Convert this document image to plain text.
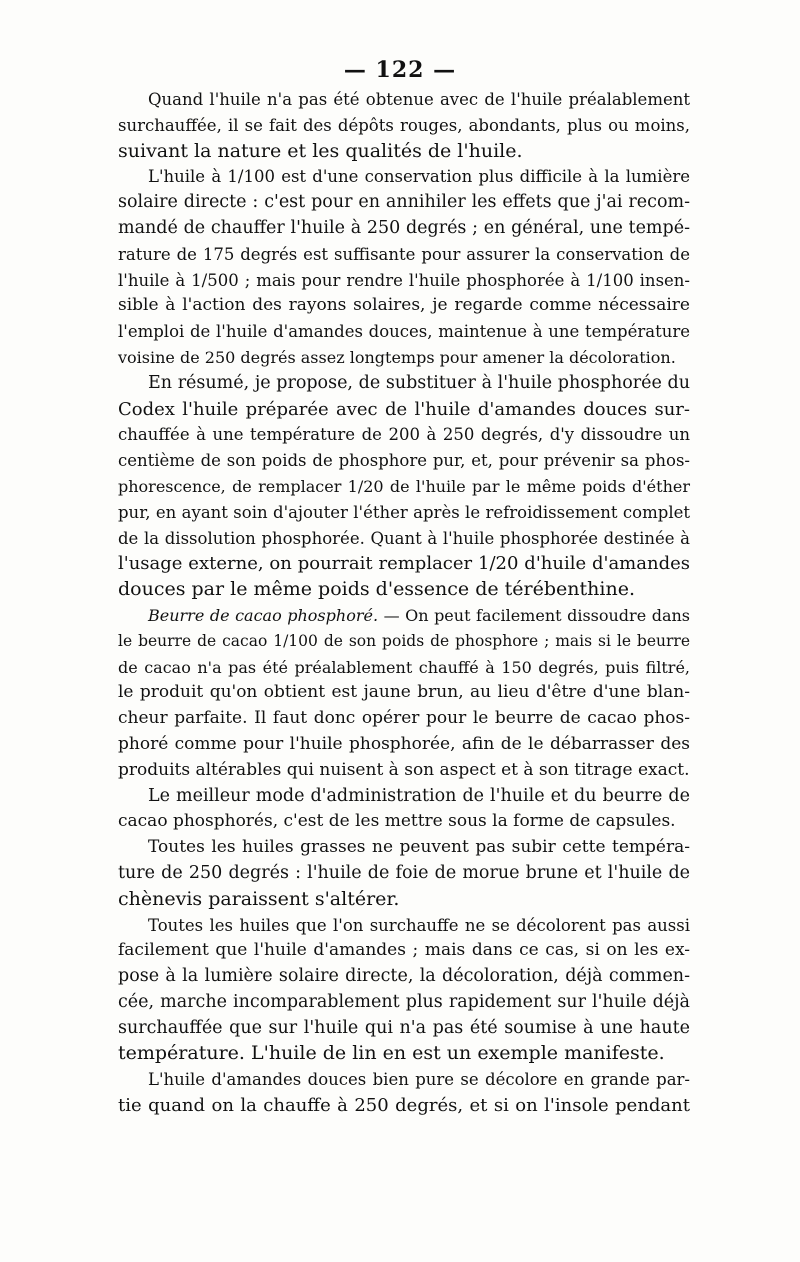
— 122 —
Quand l'huile n'a pas été obtenue avec de l'huile préalablement
surchauffée, il se fait des dépôts rouges, abondants, plus ou moins,
suivant la nature et les qualités de l'huile.
L'huile à 1/100 est d'une conservation plus difficile à la lumière
solaire directe : c'est pour en annihiler les effets que j'ai recom-
mandé de chauffer l'huile à 250 degrés ; en général, une tempé-
rature de 175 degrés est suffisante pour assurer la conservation de
l'huile à 1/500 ; mais pour rendre l'huile phosphorée à 1/100 insen-
sible à l'action des rayons solaires, je regarde comme nécessaire
l'emploi de l'huile d'amandes douces, maintenue à une température
voisine de 250 degrés assez longtemps pour amener la décoloration.
En résumé, je propose, de substituer à l'huile phosphorée du
Codex l'huile préparée avec de l'huile d'amandes douces sur-
chauffée à une température de 200 à 250 degrés, d'y dissoudre un
centième de son poids de phosphore pur, et, pour prévenir sa phos-
phorescence, de remplacer 1/20 de l'huile par le même poids d'éther
pur, en ayant soin d'ajouter l'éther après le refroidissement complet
de la dissolution phosphorée. Quant à l'huile phosphorée destinée à
l'usage externe, on pourrait remplacer 1/20 d'huile d'amandes
douces par le même poids d'essence de térébenthine.
Beurre de cacao phosphoré. — On peut facilement dissoudre dans
le beurre de cacao 1/100 de son poids de phosphore ; mais si le beurre
de cacao n'a pas été préalablement chauffé à 150 degrés, puis filtré,
le produit qu'on obtient est jaune brun, au lieu d'être d'une blan-
cheur parfaite. Il faut donc opérer pour le beurre de cacao phos-
phoré comme pour l'huile phosphorée, afin de le débarrasser des
produits altérables qui nuisent à son aspect et à son titrage exact.
Le meilleur mode d'administration de l'huile et du beurre de
cacao phosphorés, c'est de les mettre sous la forme de capsules.
Toutes les huiles grasses ne peuvent pas subir cette tempéra-
ture de 250 degrés : l'huile de foie de morue brune et l'huile de
chènevis paraissent s'altérer.
Toutes les huiles que l'on surchauffe ne se décolorent pas aussi
facilement que l'huile d'amandes ; mais dans ce cas, si on les ex-
pose à la lumière solaire directe, la décoloration, déjà commen-
cée, marche incomparablement plus rapidement sur l'huile déjà
surchauffée que sur l'huile qui n'a pas été soumise à une haute
température. L'huile de lin en est un exemple manifeste.
L'huile d'amandes douces bien pure se décolore en grande par-
tie quand on la chauffe à 250 degrés, et si on l'insole pendant
